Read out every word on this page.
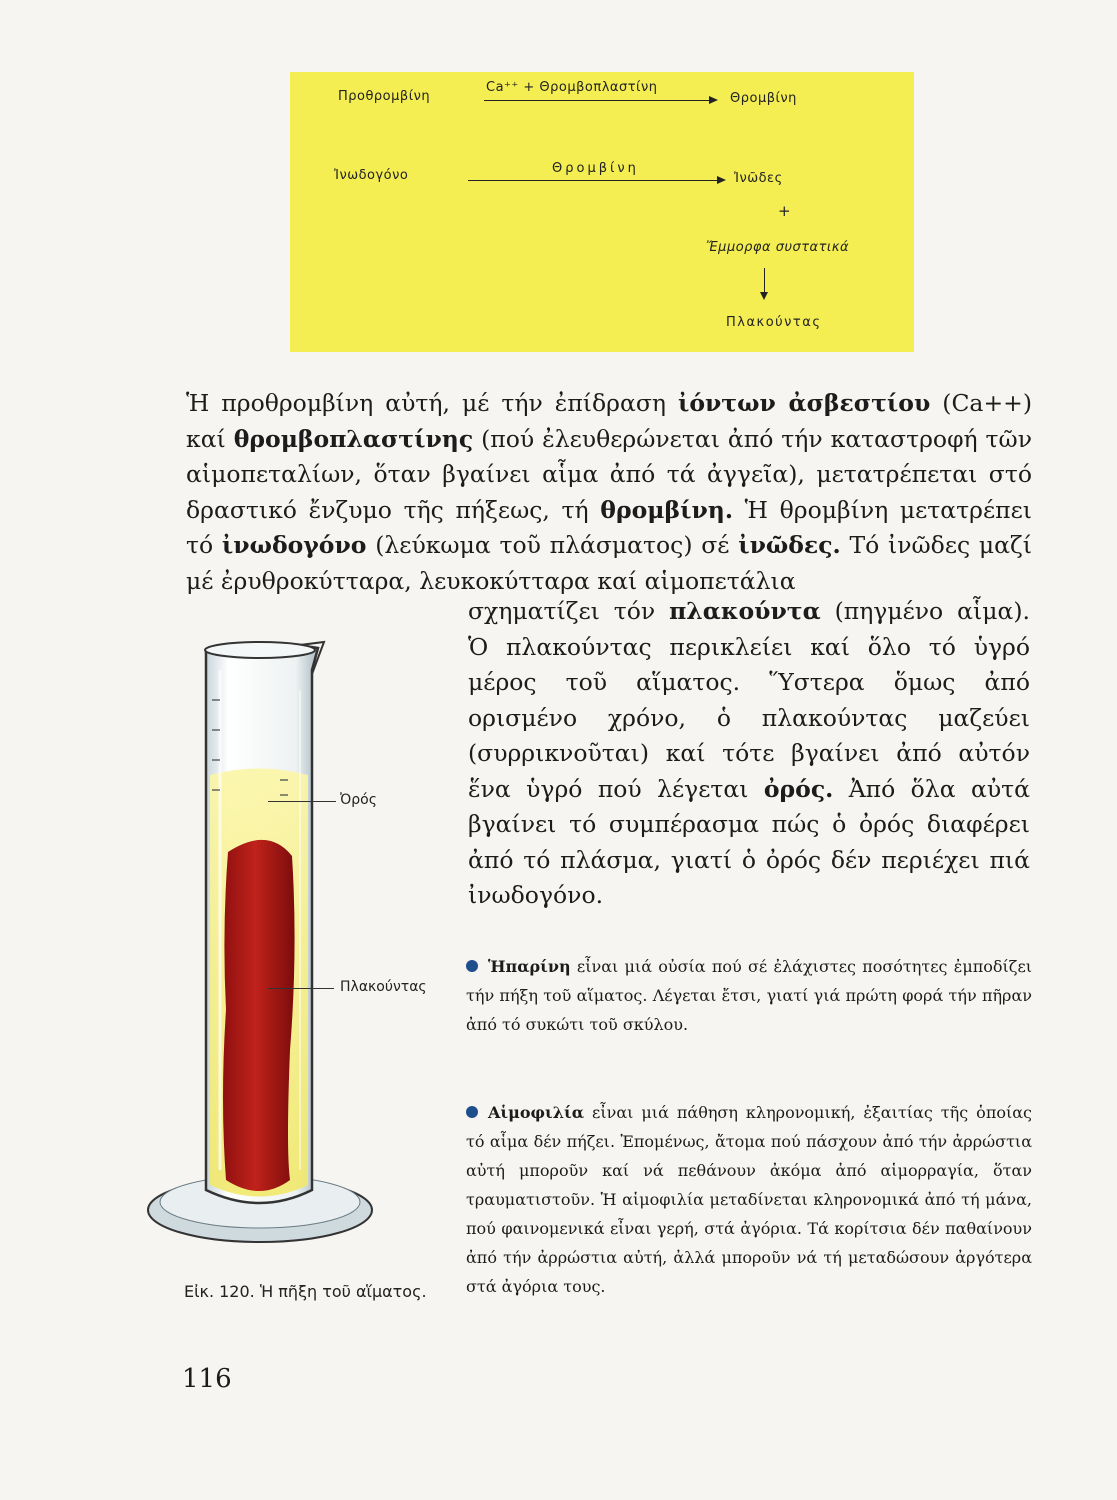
Προθρομβίνη
Ca⁺⁺ + Θρομβοπλαστίνη
Θρομβίνη
Ἰνωδογόνο	Θρομβίνη
Ἰνῶδες
+
Ἔμμορφα συστατικά
Πλακούντας
Ἡ προθρομβίνη αὐτή, μέ τήν ἐπίδραση ἰόντων ἀσβεστίου (Ca++) καί θρομβοπλαστίνης (πού ἐλευθερώνεται ἀπό τήν καταστροφή τῶν αἱμοπεταλίων, ὅταν βγαίνει αἷμα ἀπό τά ἀγγεῖα), μετατρέπεται στό δραστικό ἔνζυμο τῆς πήξεως, τή θρομβίνη. Ἡ θρομβίνη μετατρέπει τό ἰνωδογόνο (λεύκωμα τοῦ πλάσματος) σέ ἰνῶδες. Τό ἰνῶδες μαζί μέ ἐρυθροκύτταρα, λευκοκύτταρα καί αἱμοπετάλια
σχηματίζει τόν πλακούντα (πηγμένο αἷμα). Ὁ πλακούντας περικλείει καί ὅλο τό ὑγρό μέρος τοῦ αἵματος. Ὕστερα ὅμως ἀπό ορισμένο χρόνο, ὁ πλακούντας μαζεύει (συρρικνοῦται) καί τότε βγαίνει ἀπό αὐτόν ἕνα ὑγρό πού λέγεται ὀρός. Ἀπό ὅλα αὐτά βγαίνει τό συμπέρασμα πώς ὁ ὀρός διαφέρει ἀπό τό πλάσμα, γιατί ὁ ὀρός δέν περιέχει πιά ἰνωδογόνο.
Ἡπαρίνη εἶναι μιά οὐσία πού σέ ἐλάχιστες ποσότητες ἐμποδίζει τήν πήξη τοῦ αἵματος. Λέγεται ἔτσι, γιατί γιά πρώτη φορά τήν πῆραν ἀπό τό συκώτι τοῦ σκύλου.
Αἱμοφιλία εἶναι μιά πάθηση κληρονομική, ἐξαιτίας τῆς ὁποίας τό αἷμα δέν πήζει. Ἑπομένως, ἄτομα πού πάσχουν ἀπό τήν ἀρρώστια αὐτή μποροῦν καί νά πεθάνουν ἀκόμα ἀπό αἱμορραγία, ὅταν τραυματιστοῦν. Ἡ αἱμοφιλία μεταδίνεται κληρονομικά ἀπό τή μάνα, πού φαινομενικά εἶναι γερή, στά ἀγόρια. Τά κορίτσια δέν παθαίνουν ἀπό τήν ἀρρώστια αὐτή, ἀλλά μποροῦν νά τή μεταδώσουν ἀργότερα στά ἀγόρια τους.
Ὀρός
Πλακούντας
Εἰκ. 120. Ἡ πῆξη τοῦ αἵματος.
116
